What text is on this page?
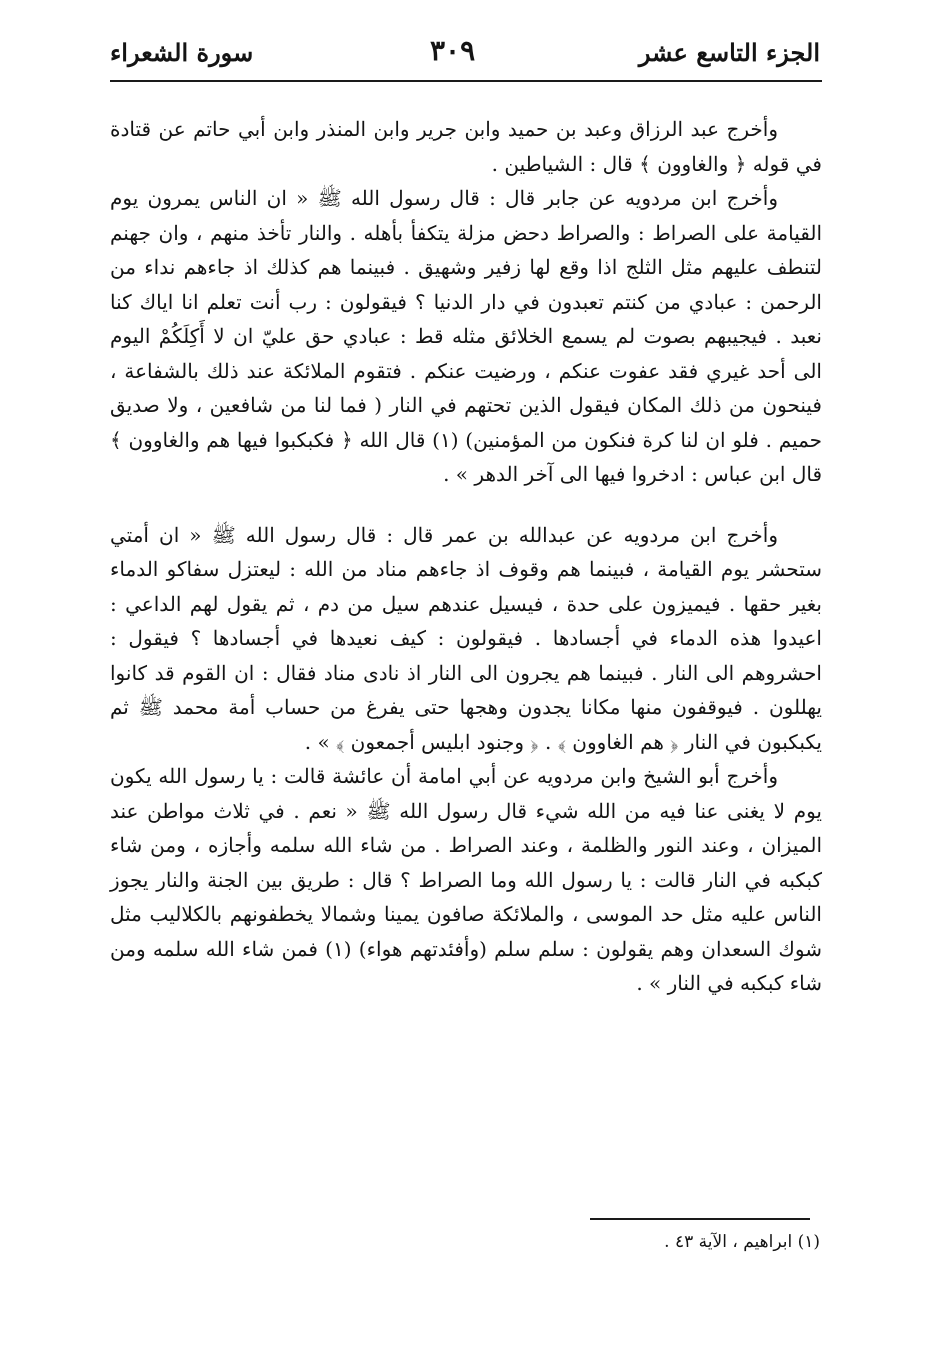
الجزء التاسع عشر
٣٠٩
سورة الشعراء

وأخرج عبد الرزاق وعبد بن حميد وابن جرير وابن المنذر وابن أبي حاتم عن قتادة في قوله ﴿ والغاوون ﴾ قال : الشياطين .

وأخرج ابن مردويه عن جابر قال : قال رسول الله ﷺ « ان الناس يمرون يوم القيامة على الصراط : والصراط دحض مزلة يتكفأ بأهله . والنار تأخذ منهم ، وان جهنم لتنطف عليهم مثل الثلج اذا وقع لها زفير وشهيق . فبينما هم كذلك اذ جاءهم نداء من الرحمن : عبادي من كنتم تعبدون في دار الدنيا ؟ فيقولون : رب أنت تعلم انا اياك كنا نعبد . فيجيبهم بصوت لم يسمع الخلائق مثله قط : عبادي حق عليّ ان لا أَكِلَكُمْ اليوم الى أحد غيري فقد عفوت عنكم ، ورضيت عنكم . فتقوم الملائكة عند ذلك بالشفاعة ، فينحون من ذلك المكان فيقول الذين تحتهم في النار ( فما لنا من شافعين ، ولا صديق حميم . فلو ان لنا كرة فنكون من المؤمنين) (١) قال الله ﴿ فكبكبوا فيها هم والغاوون ﴾ قال ابن عباس : ادخروا فيها الى آخر الدهر » .

وأخرج ابن مردويه عن عبدالله بن عمر قال : قال رسول الله ﷺ « ان أمتي ستحشر يوم القيامة ، فبينما هم وقوف اذ جاءهم مناد من الله : ليعتزل سفاكو الدماء بغير حقها . فيميزون على حدة ، فيسيل عندهم سيل من دم ، ثم يقول لهم الداعي : اعيدوا هذه الدماء في أجسادها . فيقولون : كيف نعيدها في أجسادها ؟ فيقول : احشروهم الى النار . فبينما هم يجرون الى النار اذ نادى مناد فقال : ان القوم قد كانوا يهللون . فيوقفون منها مكانا يجدون وهجها حتى يفرغ من حساب أمة محمد ﷺ ثم يكبكبون في النار ﴿ هم الغاوون ﴾ . ﴿ وجنود ابليس أجمعون ﴾ » .

وأخرج أبو الشيخ وابن مردويه عن أبي امامة أن عائشة قالت : يا رسول الله يكون يوم لا يغنى عنا فيه من الله شيء قال رسول الله ﷺ « نعم . في ثلاث مواطن عند الميزان ، وعند النور والظلمة ، وعند الصراط . من شاء الله سلمه وأجازه ، ومن شاء كبكبه في النار قالت : يا رسول الله وما الصراط ؟ قال : طريق بين الجنة والنار يجوز الناس عليه مثل حد الموسى ، والملائكة صافون يمينا وشمالا يخطفونهم بالكلاليب مثل شوك السعدان وهم يقولون : سلم سلم (وأفئدتهم هواء) (١) فمن شاء الله سلمه ومن شاء كبكبه في النار » .

(١) ابراهيم ، الآية ٤٣ .
